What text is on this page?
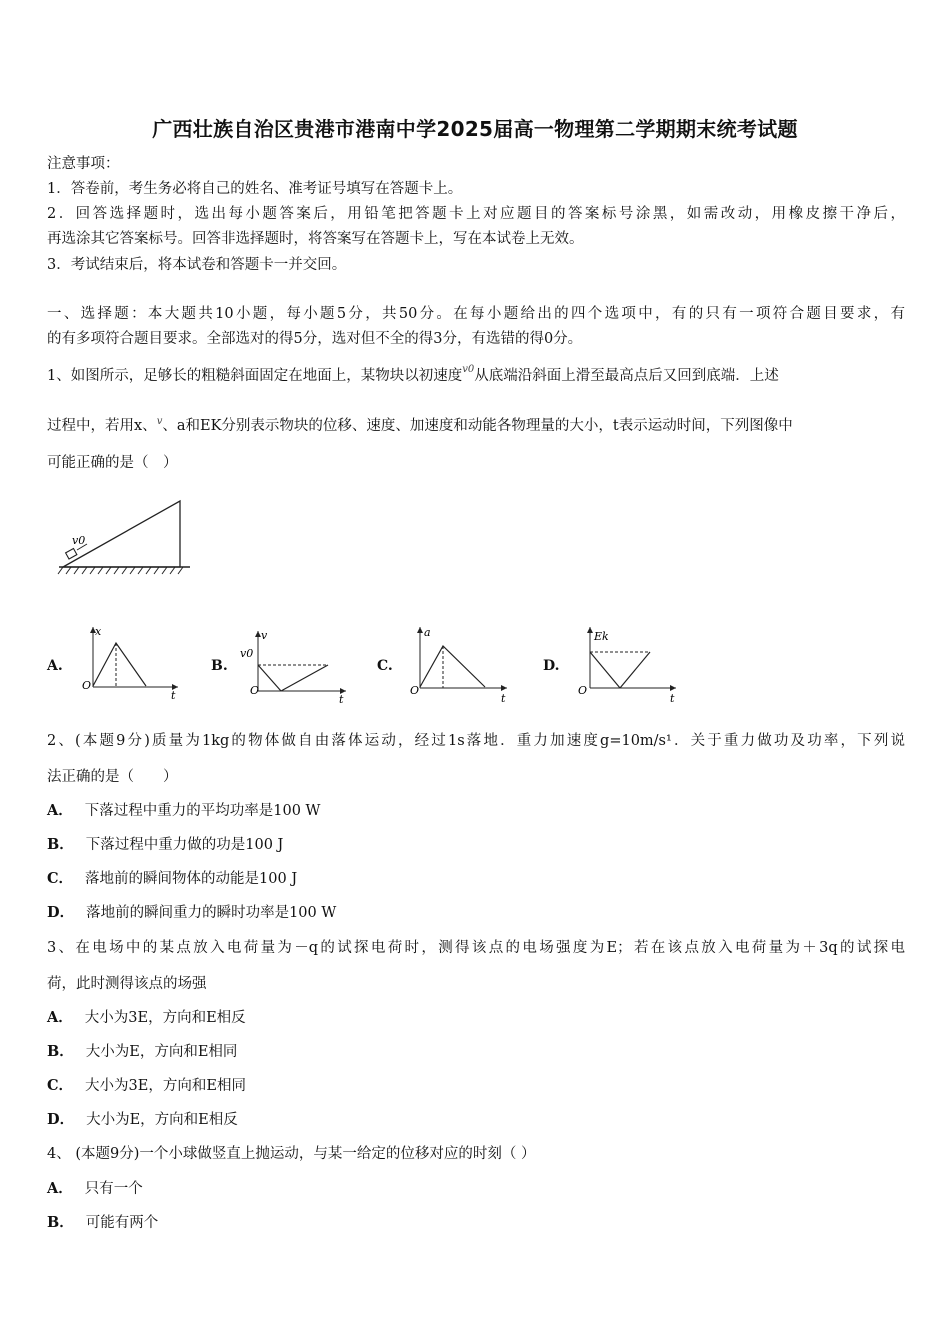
广西壮族自治区贵港市港南中学2025届高一物理第二学期期末统考试题
注意事项：
1．答卷前，考生务必将自己的姓名、准考证号填写在答题卡上。
2．回答选择题时，选出每小题答案后，用铅笔把答题卡上对应题目的答案标号涂黑，如需改动，用橡皮擦干净后，
再选涂其它答案标号。回答非选择题时，将答案写在答题卡上，写在本试卷上无效。
3．考试结束后，将本试卷和答题卡一并交回。
一、选择题：本大题共10小题，每小题5分，共50分。在每小题给出的四个选项中，有的只有一项符合题目要求，有
的有多项符合题目要求。全部选对的得5分，选对但不全的得3分，有选错的得0分。
1、如图所示，足够长的粗糙斜面固定在地面上，某物块以初速度$^{v0}$从底端沿斜面上滑至最高点后又回到底端．上述
过程中，若用x、$^v$、a和EK分别表示物块的位移、速度、加速度和动能各物理量的大小，t表示运动时间，下列图像中
可能正确的是（　）
v0
A.
O
x
t
B.
O
v0
v
t
C.
O
a
t
D.
O
Ek
t
2、(本题9分)质量为1kg的物体做自由落体运动，经过1s落地．重力加速度g=10m/s¹．关于重力做功及功率，下列说
法正确的是（　　）
A． 下落过程中重力的平均功率是100 W
B． 下落过程中重力做的功是100 J
C． 落地前的瞬间物体的动能是100 J
D． 落地前的瞬间重力的瞬时功率是100 W
3、在电场中的某点放入电荷量为－q的试探电荷时，测得该点的电场强度为E；若在该点放入电荷量为＋3q的试探电
荷，此时测得该点的场强
A． 大小为3E，方向和E相反
B． 大小为E，方向和E相同
C． 大小为3E，方向和E相同
D． 大小为E，方向和E相反
4、 (本题9分)一个小球做竖直上抛运动，与某一给定的位移对应的时刻（ ）
A． 只有一个
B． 可能有两个
